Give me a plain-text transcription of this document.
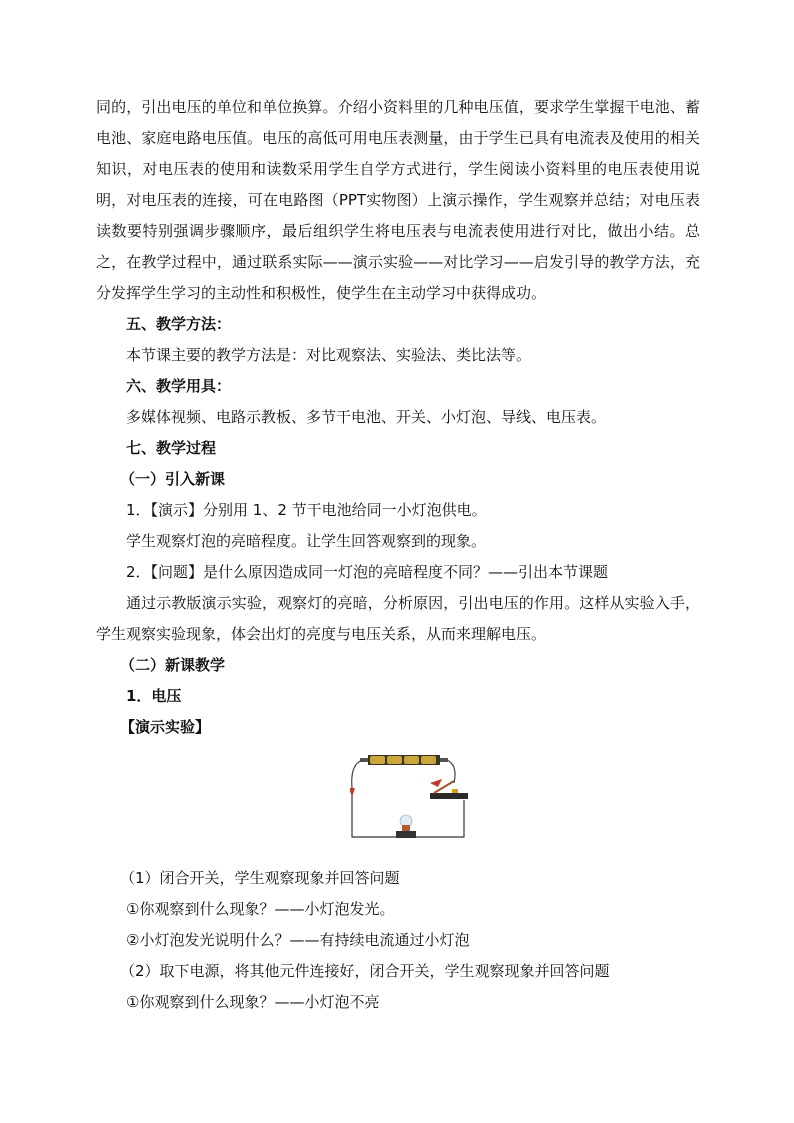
同的，引出电压的单位和单位换算。介绍小资料里的几种电压值，要求学生掌握干电池、蓄电池、家庭电路电压值。电压的高低可用电压表测量，由于学生已具有电流表及使用的相关知识，对电压表的使用和读数采用学生自学方式进行，学生阅读小资料里的电压表使用说明，对电压表的连接，可在电路图（PPT实物图）上演示操作，学生观察并总结；对电压表读数要特别强调步骤顺序，最后组织学生将电压表与电流表使用进行对比，做出小结。总之，在教学过程中，通过联系实际——演示实验——对比学习——启发引导的教学方法，充分发挥学生学习的主动性和积极性，使学生在主动学习中获得成功。

五、教学方法：

本节课主要的教学方法是：对比观察法、实验法、类比法等。

六、教学用具：

多媒体视频、电路示教板、多节干电池、开关、小灯泡、导线、电压表。

七、教学过程

（一）引入新课

1．【演示】分别用 1、2 节干电池给同一小灯泡供电。

学生观察灯泡的亮暗程度。让学生回答观察到的现象。

2．【问题】是什么原因造成同一灯泡的亮暗程度不同？——引出本节课题

通过示教版演示实验，观察灯的亮暗，分析原因，引出电压的作用。这样从实验入手，学生观察实验现象，体会出灯的亮度与电压关系，从而来理解电压。

（二）新课教学

1．电压

【演示实验】

（1）闭合开关，学生观察现象并回答问题

①你观察到什么现象？——小灯泡发光。

②小灯泡发光说明什么？——有持续电流通过小灯泡

（2）取下电源，将其他元件连接好，闭合开关，学生观察现象并回答问题

①你观察到什么现象？——小灯泡不亮
